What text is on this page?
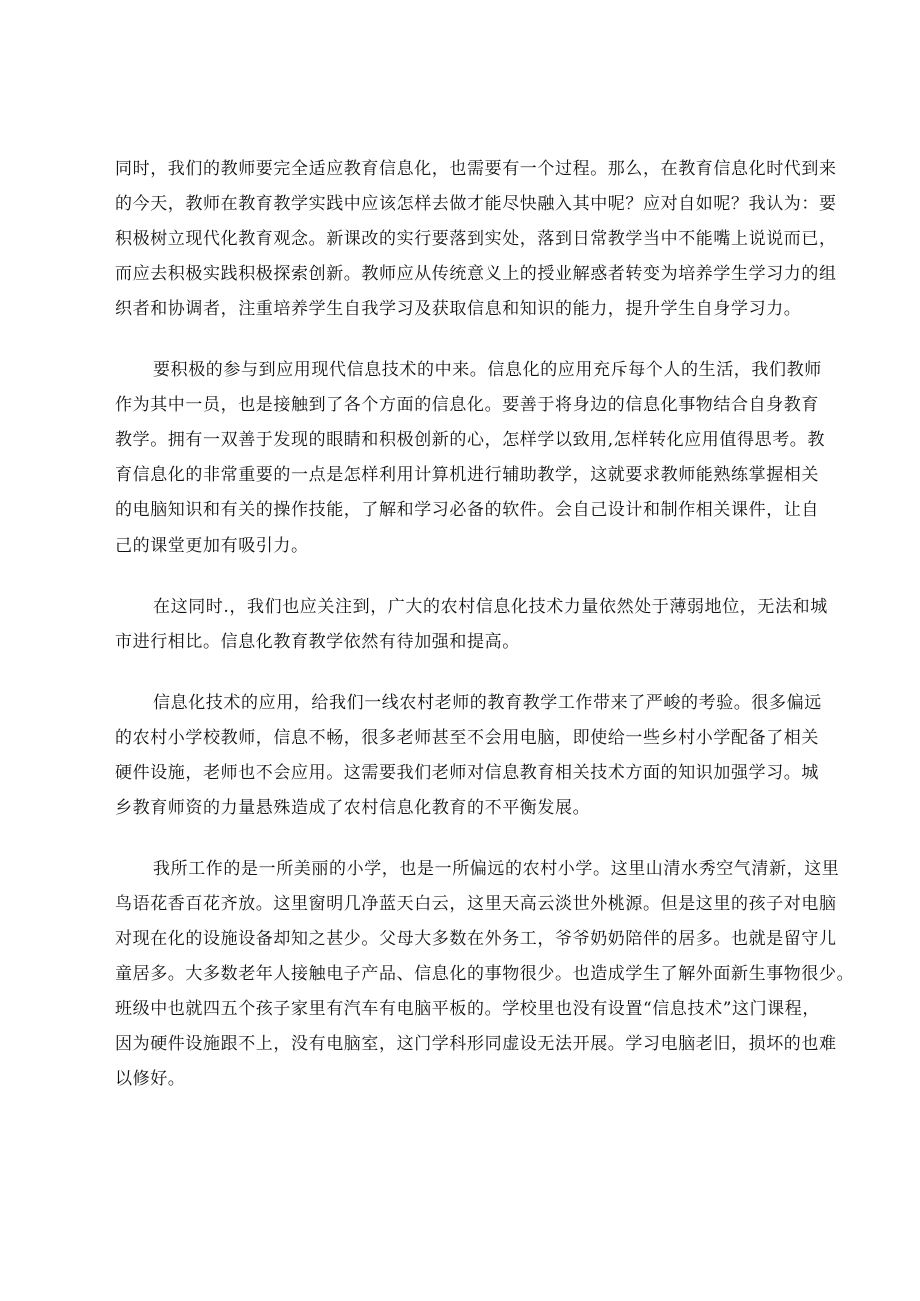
同时，我们的教师要完全适应教育信息化，也需要有一个过程。那么，在教育信息化时代到来
的今天，教师在教育教学实践中应该怎样去做才能尽快融入其中呢？应对自如呢？我认为：要
积极树立现代化教育观念。新课改的实行要落到实处，落到日常教学当中不能嘴上说说而已，
而应去积极实践积极探索创新。教师应从传统意义上的授业解惑者转变为培养学生学习力的组
织者和协调者，注重培养学生自我学习及获取信息和知识的能力，提升学生自身学习力。
要积极的参与到应用现代信息技术的中来。信息化的应用充斥每个人的生活，我们教师
作为其中一员，也是接触到了各个方面的信息化。要善于将身边的信息化事物结合自身教育
教学。拥有一双善于发现的眼睛和积极创新的心，怎样学以致用,怎样转化应用值得思考。教
育信息化的非常重要的一点是怎样利用计算机进行辅助教学，这就要求教师能熟练掌握相关
的电脑知识和有关的操作技能，了解和学习必备的软件。会自己设计和制作相关课件，让自
己的课堂更加有吸引力。
在这同时.，我们也应关注到，广大的农村信息化技术力量依然处于薄弱地位，无法和城
市进行相比。信息化教育教学依然有待加强和提高。
信息化技术的应用，给我们一线农村老师的教育教学工作带来了严峻的考验。很多偏远
的农村小学校教师，信息不畅，很多老师甚至不会用电脑，即使给一些乡村小学配备了相关
硬件设施，老师也不会应用。这需要我们老师对信息教育相关技术方面的知识加强学习。城
乡教育师资的力量悬殊造成了农村信息化教育的不平衡发展。
我所工作的是一所美丽的小学，也是一所偏远的农村小学。这里山清水秀空气清新，这里
鸟语花香百花齐放。这里窗明几净蓝天白云，这里天高云淡世外桃源。但是这里的孩子对电脑
对现在化的设施设备却知之甚少。父母大多数在外务工，爷爷奶奶陪伴的居多。也就是留守儿
童居多。大多数老年人接触电子产品、信息化的事物很少。也造成学生了解外面新生事物很少。
班级中也就四五个孩子家里有汽车有电脑平板的。学校里也没有设置“信息技术”这门课程，
因为硬件设施跟不上，没有电脑室，这门学科形同虚设无法开展。学习电脑老旧，损坏的也难
以修好。
